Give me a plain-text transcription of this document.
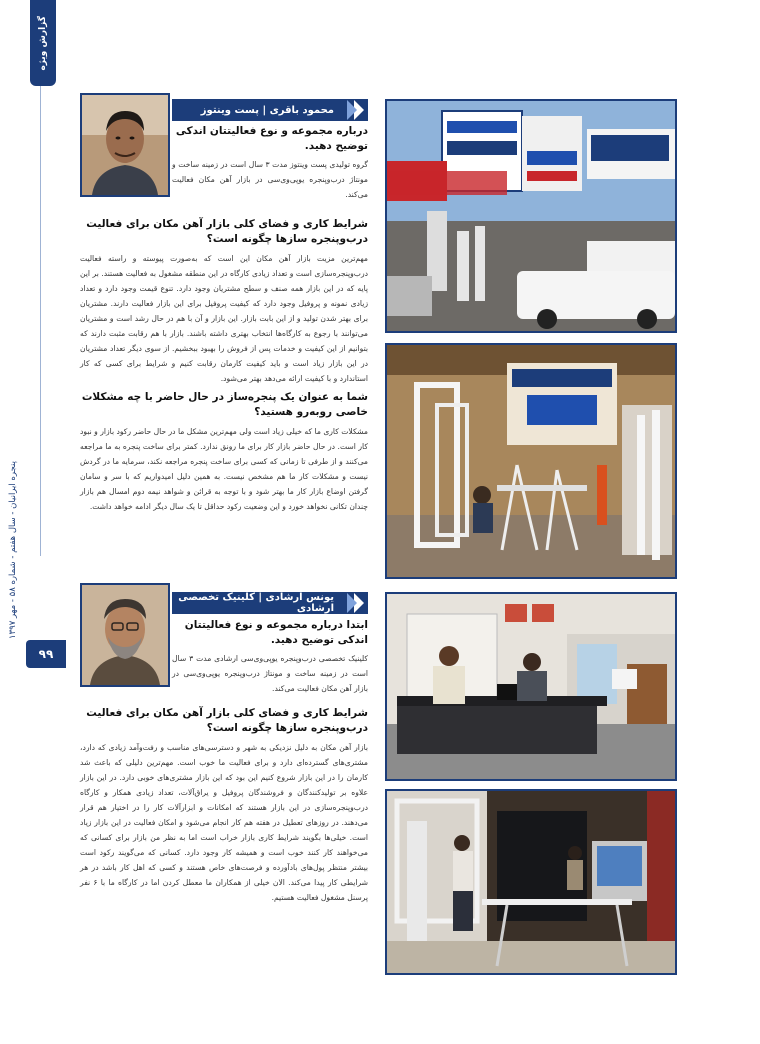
گزارش ویژه
پنجره ایرانیان - سال هفتم - شماره ۵۸ - مهر ۱۳۹۷
۹۹
محمود باقری | پست وینتوز

درباره مجموعه و نوع فعالیتتان اندکی توضیح دهید.

گروه تولیدی پست وینتوز مدت ۳ سال است در زمینه ساخت و مونتاژ درب‌وپنجره یوپی‌وی‌سی در بازار آهن مکان فعالیت می‌کند.

شرایط کاری و فضای کلی بازار آهن مکان برای فعالیت درب‌وپنجره سازها چگونه است؟

مهم‌ترین مزیت بازار آهن مکان این است که به‌صورت پیوسته و راسته فعالیت درب‌وپنجره‌سازی است و تعداد زیادی کارگاه در این منطقه مشغول به فعالیت هستند. بر این پایه که در این بازار همه صنف و سطح مشتریان وجود دارد. تنوع قیمت وجود دارد و تعداد زیادی نمونه و پروفیل وجود دارد که کیفیت پروفیل برای این بازار فعالیت دارند. مشتریان برای بهتر شدن تولید و از این بابت بازار. این بازار و آن با هم در حال رشد است و مشتریان می‌توانند با رجوع به کارگاه‌ها انتخاب بهتری داشته باشند. بازار با هم رقابت مثبت دارند که بتوانیم از این کیفیت و خدمات پس از فروش را بهبود ببخشیم. از سوی دیگر تعداد مشتریان در این بازار زیاد است و باید کیفیت کارمان رقابت کنیم و شرایط برای کسی که کار استاندارد و با کیفیت ارائه می‌دهد بهتر می‌شود.

شما به عنوان یک پنجره‌ساز در حال حاضر با چه مشکلات خاصی روبه‌رو هستید؟

مشکلات کاری ما که خیلی زیاد است ولی مهم‌ترین مشکل ما در حال حاضر رکود بازار و نبود کار است. در حال حاضر بازار کار برای ما رونق ندارد. کمتر برای ساخت پنجره به ما مراجعه می‌کنند و از طرفی تا زمانی که کسی برای ساخت پنجره مراجعه نکند، سرمایه ما در گردش نیست و مشکلات کار ما هم مشخص نیست. به همین دلیل امیدواریم که با سر و سامان گرفتن اوضاع بازار کار ما بهتر شود و با توجه به قرائن و شواهد نیمه دوم امسال هم بازار چندان تکانی نخواهد خورد و این وضعیت رکود حداقل تا یک سال دیگر ادامه خواهد داشت.

یونس ارشادی | کلینیک تخصصی ارشادی

ابتدا درباره مجموعه و نوع فعالیتتان اندکی توضیح دهید.

کلینیک تخصصی درب‌وپنجره یوپی‌وی‌سی ارشادی مدت ۳ سال است در زمینه ساخت و مونتاژ درب‌وپنجره یوپی‌وی‌سی در بازار آهن مکان فعالیت می‌کند.

شرایط کاری و فضای کلی بازار آهن مکان برای فعالیت درب‌وپنجره سازها چگونه است؟

بازار آهن مکان به دلیل نزدیکی به شهر و دسترسی‌های مناسب و رفت‌وآمد زیادی که دارد، مشتری‌های گسترده‌ای دارد و برای فعالیت ما خوب است. مهم‌ترین دلیلی که باعث شد کارمان را در این بازار شروع کنیم این بود که این بازار مشتری‌های خوبی دارد. در این بازار علاوه بر تولیدکنندگان و فروشندگان پروفیل و یراق‌آلات، تعداد زیادی همکار و کارگاه درب‌وپنجره‌سازی در این بازار هستند که امکانات و ابزارآلات کار را در اختیار هم قرار می‌دهند. در روزهای تعطیل در هفته هم کار انجام می‌شود و امکان فعالیت در این بازار زیاد است. خیلی‌ها بگویند شرایط کاری بازار خراب است اما به نظر من بازار برای کسانی که می‌خواهند کار کنند خوب است و همیشه کار وجود دارد. کسانی که می‌گویند رکود است بیشتر منتظر پول‌های بادآورده و فرصت‌های خاص هستند و کسی که اهل کار باشد در هر شرایطی کار پیدا می‌کند. الان خیلی از همکاران ما معطل کردن اما در کارگاه ما با ۶ نفر پرسنل مشغول فعالیت هستیم.
